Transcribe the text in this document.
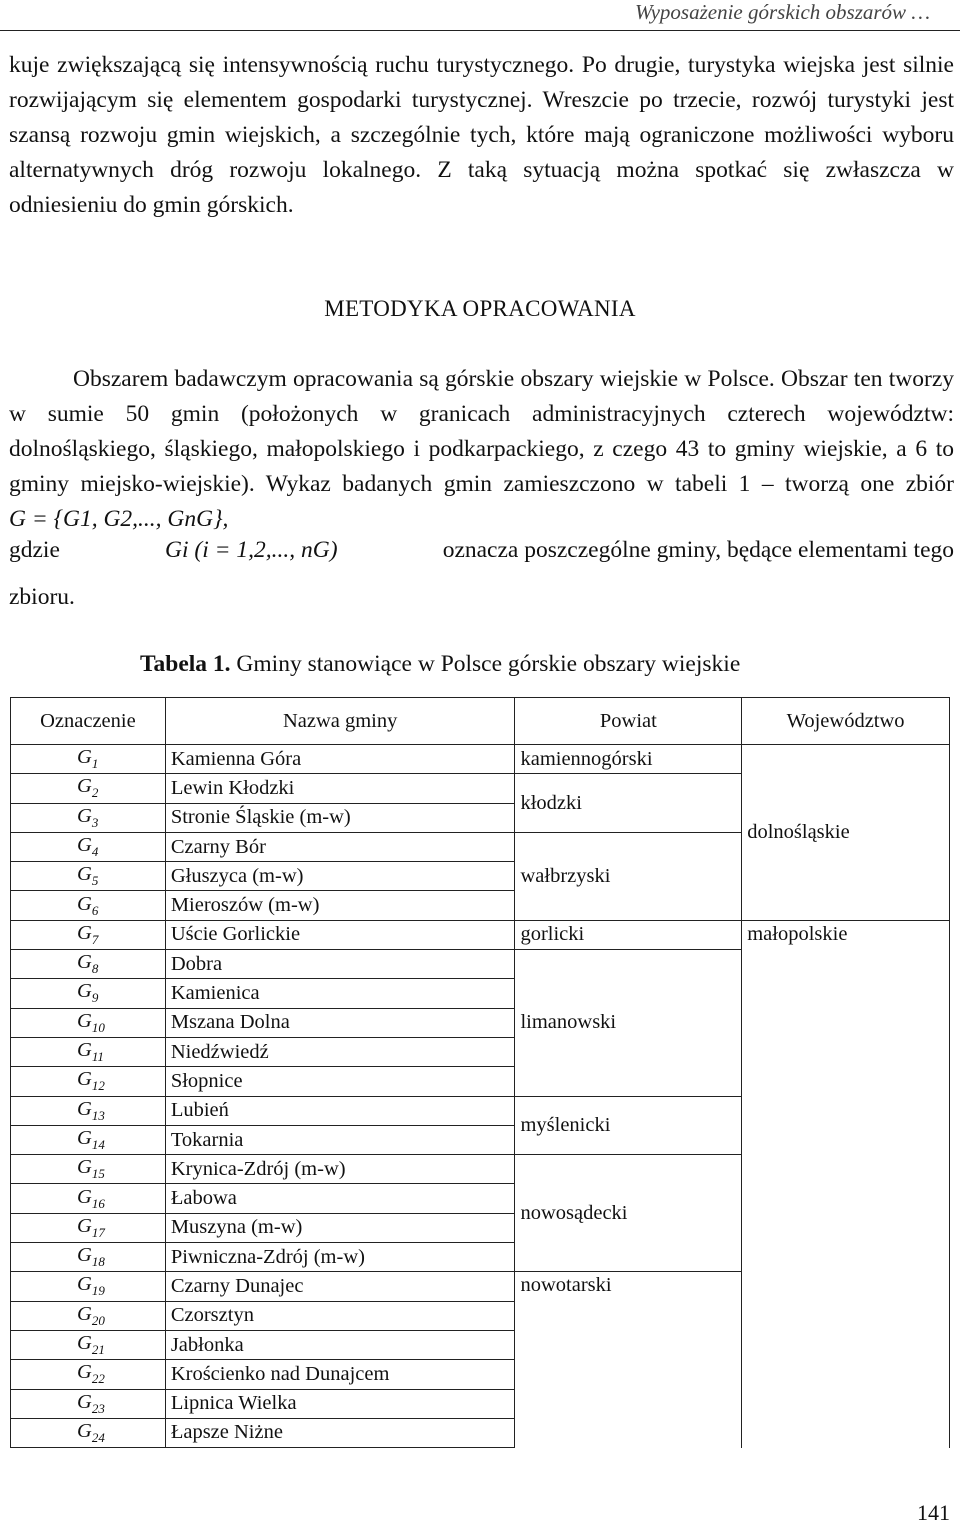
Wyposażenie górskich obszarów …
kuje zwiększającą się intensywnością ruchu turystycznego. Po drugie, turystyka wiejska jest silnie rozwijającym się elementem gospodarki turystycznej. Wreszcie po trzecie, rozwój turystyki jest szansą rozwoju gmin wiejskich, a szczególnie tych, które mają ograniczone możliwości wyboru alternatywnych dróg rozwoju lokalnego. Z taką sytuacją można spotkać się zwłaszcza w odniesieniu do gmin górskich.
METODYKA OPRACOWANIA
Obszarem badawczym opracowania są górskie obszary wiejskie w Polsce. Obszar ten tworzy w sumie 50 gmin (położonych w granicach administracyjnych czterech województw: dolnośląskiego, śląskiego, małopolskiego i podkarpackiego, z czego 43 to gminy wiejskie, a 6 to gminy miejsko-wiejskie). Wykaz badanych gmin zamieszczono w tabeli 1 – tworzą one zbiór G = {G1, G2,..., GnG},
gdzie	Gi (i = 1,2,..., nG)	oznacza poszczególne gminy, będące elementami tego
zbioru.
Tabela 1. Gminy stanowiące w Polsce górskie obszary wiejskie
Oznaczenie	Nazwa gminy	Powiat	Województwo
$G_1$	Kamienna Góra	kamiennogórski	dolnośląskie
$G_2$	Lewin Kłodzki	kłodzki	
$G_3$	Stronie Śląskie (m-w)		
$G_4$	Czarny Bór	wałbrzyski	
$G_5$	Głuszyca (m-w)		
$G_6$	Mieroszów (m-w)		
$G_7$	Uście Gorlickie	gorlicki	małopolskie
$G_8$	Dobra	limanowski	
$G_9$	Kamienica		
$G_{10}$	Mszana Dolna		
$G_{11}$	Niedźwiedź		
$G_{12}$	Słopnice		
$G_{13}$	Lubień	myślenicki	
$G_{14}$	Tokarnia		
$G_{15}$	Krynica-Zdrój (m-w)	nowosądecki	
$G_{16}$	Łabowa		
$G_{17}$	Muszyna (m-w)		
$G_{18}$	Piwniczna-Zdrój (m-w)		
$G_{19}$	Czarny Dunajec	nowotarski	
$G_{20}$	Czorsztyn		
$G_{21}$	Jabłonka		
$G_{22}$	Krościenko nad Dunajcem		
$G_{23}$	Lipnica Wielka		
$G_{24}$	Łapsze Niżne		
141
